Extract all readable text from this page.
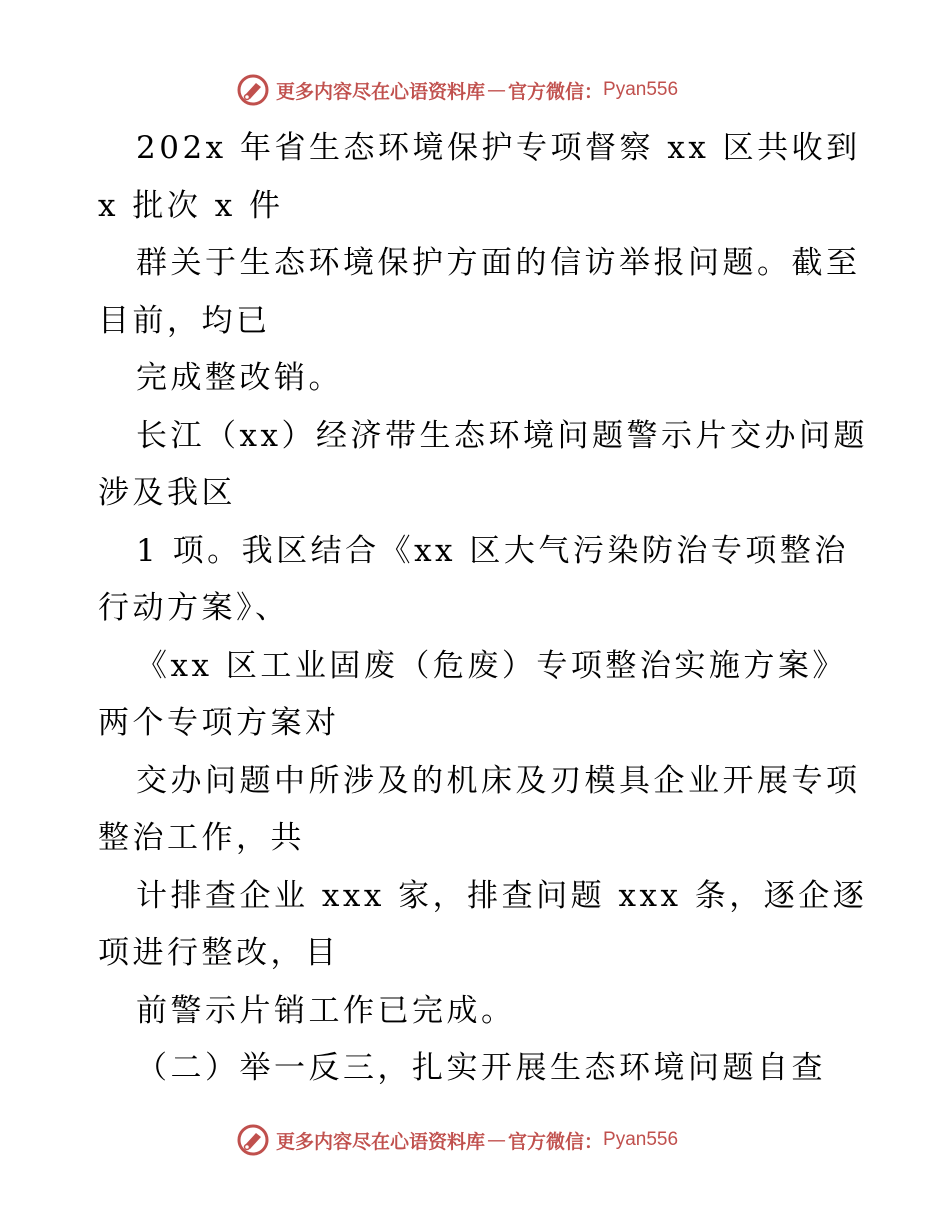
更多内容尽在心语资料库 — 官方微信： Pyan556
202x 年省生态环境保护专项督察 xx 区共收到
x 批次 x 件
群关于生态环境保护方面的信访举报问题。截至
目前，均已
完成整改销。
长江（xx）经济带生态环境问题警示片交办问题
涉及我区
1 项。我区结合《xx 区大气污染防治专项整治
行动方案》、
《xx 区工业固废（危废）专项整治实施方案》
两个专项方案对
交办问题中所涉及的机床及刃模具企业开展专项
整治工作，共
计排查企业 xxx 家，排查问题 xxx 条，逐企逐
项进行整改，目
前警示片销工作已完成。
（二）举一反三，扎实开展生态环境问题自查
更多内容尽在心语资料库 — 官方微信： Pyan556
